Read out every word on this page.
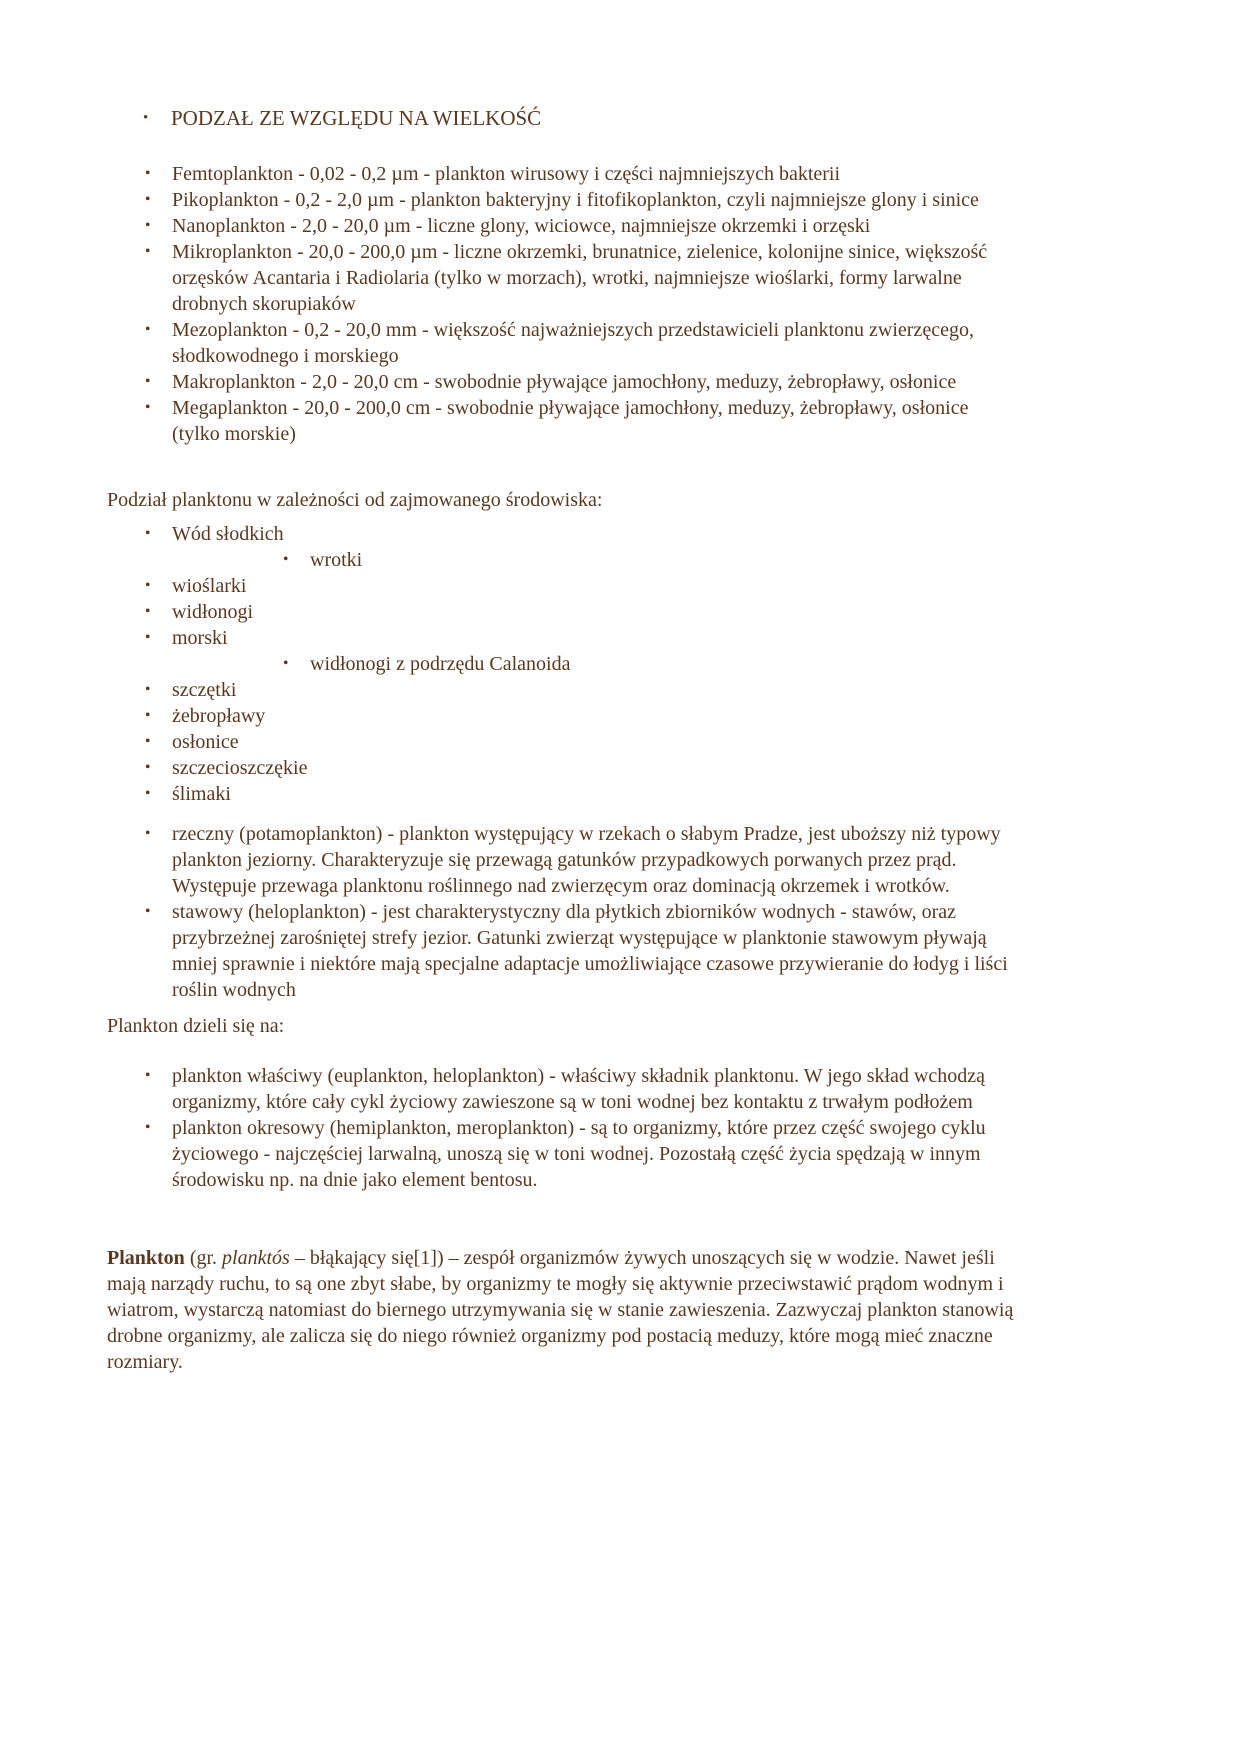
•	PODZAŁ ZE WZGLĘDU NA WIELKOŚĆ
•	Femtoplankton - 0,02 - 0,2 µm - plankton wirusowy i części najmniejszych bakterii
•	Pikoplankton - 0,2 - 2,0 µm - plankton bakteryjny i fitofikoplankton, czyli najmniejsze glony i sinice
•	Nanoplankton - 2,0 - 20,0 µm - liczne glony, wiciowce, najmniejsze okrzemki i orzęski
•	Mikroplankton - 20,0 - 200,0 µm - liczne okrzemki, brunatnice, zielenice, kolonijne sinice, większość orzęsków Acantaria i Radiolaria (tylko w morzach), wrotki, najmniejsze wioślarki, formy larwalne drobnych skorupiaków
•	Mezoplankton - 0,2 - 20,0 mm - większość najważniejszych przedstawicieli planktonu zwierzęcego, słodkowodnego i morskiego
•	Makroplankton - 2,0 - 20,0 cm - swobodnie pływające jamochłony, meduzy, żebropławy, osłonice
•	Megaplankton - 20,0 - 200,0 cm - swobodnie pływające jamochłony, meduzy, żebropławy, osłonice (tylko morskie)

Podział planktonu w zależności od zajmowanego środowiska:

•	Wód słodkich
•	wrotki
•	wioślarki
•	widłonogi
•	morski
•	widłonogi z podrzędu Calanoida
•	szczętki
•	żebropławy
•	osłonice
•	szczecioszczękie
•	ślimaki
•	rzeczny (potamoplankton) - plankton występujący w rzekach o słabym Pradze, jest uboższy niż typowy plankton jeziorny. Charakteryzuje się przewagą gatunków przypadkowych porwanych przez prąd. Występuje przewaga planktonu roślinnego nad zwierzęcym oraz dominacją okrzemek i wrotków.
•	stawowy (heloplankton) - jest charakterystyczny dla płytkich zbiorników wodnych - stawów, oraz przybrzeżnej zarośniętej strefy jezior. Gatunki zwierząt występujące w planktonie stawowym pływają mniej sprawnie i niektóre mają specjalne adaptacje umożliwiające czasowe przywieranie do łodyg i liści roślin wodnych

Plankton dzieli się na:

•	plankton właściwy (euplankton, heloplankton) - właściwy składnik planktonu. W jego skład wchodzą organizmy, które cały cykl życiowy zawieszone są w toni wodnej bez kontaktu z trwałym podłożem
•	plankton okresowy (hemiplankton, meroplankton) - są to organizmy, które przez część swojego cyklu życiowego - najczęściej larwalną, unoszą się w toni wodnej. Pozostałą część życia spędzają w innym środowisku np. na dnie jako element bentosu.

Plankton (gr. planktós – błąkający się[1]) – zespół organizmów żywych unoszących się w wodzie. Nawet jeśli mają narządy ruchu, to są one zbyt słabe, by organizmy te mogły się aktywnie przeciwstawić prądom wodnym i wiatrom, wystarczą natomiast do biernego utrzymywania się w stanie zawieszenia. Zazwyczaj plankton stanowią drobne organizmy, ale zalicza się do niego również organizmy pod postacią meduzy, które mogą mieć znaczne rozmiary.
